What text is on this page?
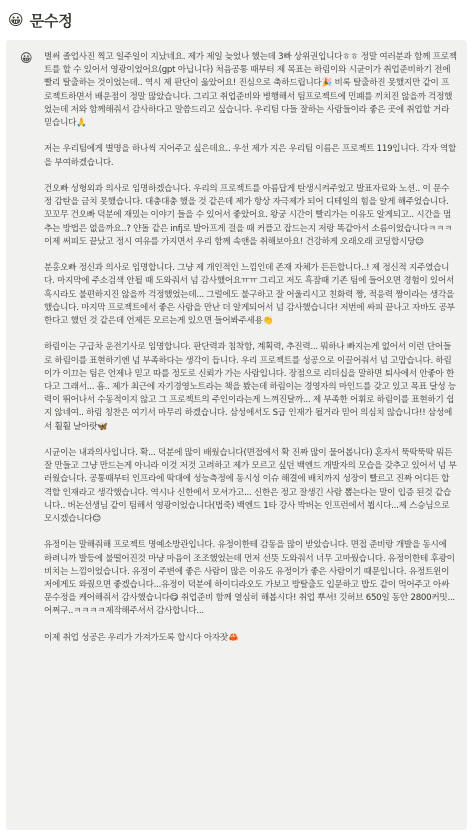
😀 문수정
😀 벌써 졸업사진 찍고 일주일이 지났네요. 제가 제일 늦었나 했는데 3빠 상위권입니다ㅎㅎ 정말 여러분과 함께 프로젝트를 할 수 있어서 영광이었어요(gpt 아닙니다) 처음공통 때부터 제 목표는 하림이와 시균이가 취업준비하기 전에 빨리 탈출하는 것이었는데.. 역시 제 판단이 옳았어요! 진심으로 축하드립니다🎉 비록 탈출하진 못했지만 같이 프로젝트하면서 배운점이 정말 많았습니다. 그리고 취업준비와 병행해서 팀프로젝트에 민폐를 끼치진 않을까 걱정했었는데 저와 함께해줘서 감사하다고 말씀드리고 싶습니다. 우리팀 다들 잘하는 사람들이라 좋은 곳에 취업할 거라 믿습니다🙏

저는 우리팀에게 별명을 하나씩 지어주고 싶은데요.. 우선 제가 지은 우리팀 이름은 프로젝트 119입니다. 각자 역할을 부여하겠습니다.

건오빠 성형외과 의사로 임명하겠습니다. 우리의 프로젝트를 아름답게 탄생시켜주었고 발표자료와 노션.. 이 문수정 감탄을 금치 못했습니다. 대충대충 했을 것 같은데 제가 항상 자극제가 되어 디테일의 힘을 알게 해주었습니다. 꼬꼬무 건오빠 덕분에 재밌는 이야기 들을 수 있어서 좋았어요. 왕궁 시간이 빨리가는 이유도 알게되고.. 시간을 멈추는 방법은 없을까요..? 얀돌 같은 infj로 발아프게 걸을 때 커플고 잡드는지 저랑 똑같아서 소름이었습니다ㅋㅋㅋ 이제 써피도 끝났고 정시 여유를 가지면서 우리 함께 속앤을 취해보아요! 건강하게 오래오래 코딩합시당😉

분홍오빠 정신과 의사로 임명합니다. 그냥 제 개인적인 느낌인데 존재 자체가 든든합니다..! 제 정신적 지주였습니다. 마지막에 주소검색 안될 때 도와줘서 넘 감사했어요ㅠㅠ 그리고 저도 흑잠때 기존 팀에 들어오면 경험이 있어서 흑시라도 불편하지진 않을까 걱정했었는데... 그럴에도 불구하고 잘 어울리시고 친화력 짱, 적응력 짱이라는 생각을 했습니다. 마지막 프로젝트에서 좋은 사람을 만난 더 알게되어서 넘 감사했습니다! 저번에 싸피 끝나고 자바도 공부한다고 했던 것 같은데 언제든 모르는게 있으면 들어봐주세용👏

하림이는 구급차 운전기사로 임명합니다. 판단력과 침착함, 계획력, 추진력... 뭐하나 빠지는게 없어서 이런 단어들로 하림이를 표현하기엔 넘 부족하다는 생각이 듭니다. 우리 프로젝트를 성공으로 이끌어줘서 넘 고맙습니다. 하림이가 이끄는 팀은 언제나 믿고 따를 정도로 신뢰가 가는 사람입니다. 장점으로 리더십을 말하면 퇴사에서 안좋아 한다고 그래서... 흠.. 제가 최근에 자기경영노트라는 책을 봤는데 하림이는 경영자의 마인드를 갖고 있고 목표 달성 능력이 뛰어나서 수동적이지 않고 그 프로젝트의 주인이라는게 느껴진달까... 제 부족한 어휘로 하림이를 표현하기 쉽지 않네여.. 하림 칭찬은 여기서 마무리 하겠습니다. 삼성에서도 S급 인재가 될거라 믿어 의심치 않습니다!! 삼성에서 훨훨 날아랏🦋

시균이는 내과의사입니다. 확... 덕분에 많이 배웠습니다(면접에서 확 진짜 많이 물어봅니다) 혼자서 뚝딱뚝딱 뭐든 잘 만들고 그냥 만드는게 아니라 이것 저것 고려하고 제가 모르고 싶던 백엔드 개발자의 모습을 갖추고 있어서 넘 부러웠습니다. 공통때부터 인프라에 딱대에 성능측정에 동시성 이슈 해결에 배치까지 성장이 빨르고 진짜 어디든 합격할 인재라고 생각했습니다. 역시나 신한에서 모셔가고... 신한은 정고 잘생긴 사람 뽑는다는 말이 입증 된것 같습니다.. 버논선생님 같이 팀해서 영광이었습니다(법죽) 백엔드 1타 강사 박버논 인프런에서 뵙시다...제 스승님으로 모시겠습니다😊

유정이는 말해줘해 프로젝트 명예소방관입니다. 유정이한테 감동을 많이 받았습니다. 면접 준비랑 개발을 동시에 하려니까 발등에 불떨어진것 마냥 마음이 조조했었는데 먼저 선뜻 도와줘서 너무 고마웠습니다. 유정이한테 후광이 비치는 느낌이었습니다. 유정이 주변에 좋은 사람이 많은 이유도 유정이가 좋은 사람이기 때문입니다. 유정트윈이 저에게도 와줬으면 좋겠습니다...유정이 덕분에 하이디라오도 가보고 방탈출도 입문하고 밥도 같이 먹어주고 아싸문수정을 케어해줘서 감사했습니다😋 취업준비 함께 열심히 해봅시다! 취업 뿌셔! 깃허브 650일 동안 2800커밋...어쩌구..ㅋㅋㅋㅋ제작해주셔서 감사합니다...

이제 취업 성공은 우리가 가져가도록 합시다 아자잣🦀
